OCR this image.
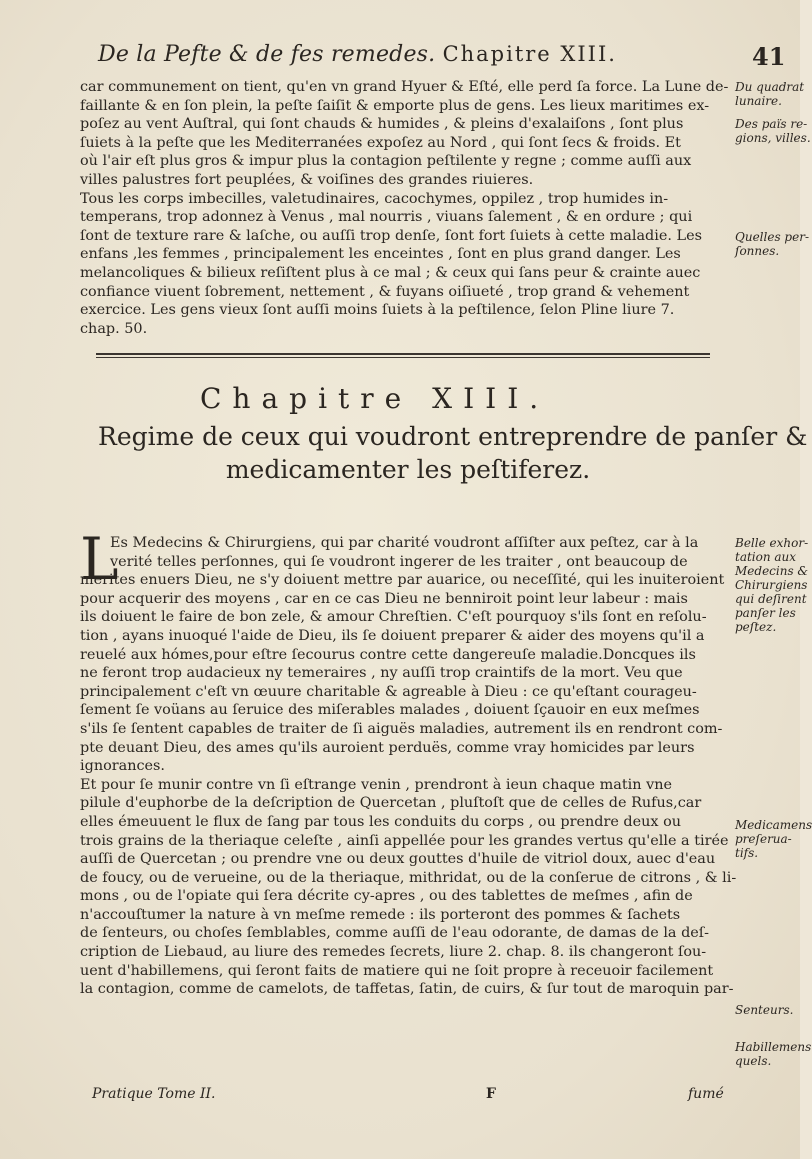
De la Pefte & de fes remedes. Chapitre XIII.	41
car communement on tient, qu'en vn grand Hyuer & Eſté, elle perd ſa force. La Lune de-
faillante & en ſon plein, la peſte ſaiſit & emporte plus de gens. Les lieux maritimes ex-
poſez au vent Auſtral, qui ſont chauds & humides , & pleins d'exalaiſons , ſont plus
ſuiets à la peſte que les Mediterranées expoſez au Nord , qui ſont ſecs & froids. Et
où l'air eſt plus gros & impur plus la contagion peſtilente y regne ; comme auſſi aux
villes palustres fort peuplées, & voiſines des grandes riuieres.
Tous les corps imbecilles, valetudinaires, cacochymes, oppilez , trop humides in-
temperans, trop adonnez à Venus , mal nourris , viuans ſalement , & en ordure ; qui
ſont de texture rare & laſche, ou auſſi trop denſe, ſont fort ſuiets à cette maladie. Les
enfans ,les femmes , principalement les enceintes , ſont en plus grand danger. Les
melancoliques & bilieux reſiſtent plus à ce mal ; & ceux qui ſans peur & crainte auec
confiance viuent ſobrement, nettement , & fuyans oiſiueté , trop grand & vehement
exercice. Les gens vieux ſont auſſi moins ſuiets à la peſtilence, ſelon Pline liure 7.
chap. 50.
Du quadrat
lunaire.
Des païs re-
gions, villes.
Quelles per-
ſonnes.
Chapitre XIII.
Regime de ceux qui voudront entreprendre de panſer &
medicamenter les peſtiferez.
L
Es Medecins & Chirurgiens, qui par charité voudront aſſiſter aux peſtez, car à la
verité telles perſonnes, qui ſe voudront ingerer de les traiter , ont beaucoup de
merites enuers Dieu, ne s'y doiuent mettre par auarice, ou neceſſité, qui les inuiteroient
pour acquerir des moyens , car en ce cas Dieu ne benniroit point leur labeur : mais
ils doiuent le faire de bon zele, & amour Chreſtien. C'eſt pourquoy s'ils ſont en reſolu-
tion , ayans inuoqué l'aide de Dieu, ils ſe doiuent preparer & aider des moyens qu'il a
reuelé aux hómes,pour eſtre ſecourus contre cette dangereuſe maladie.Doncques ils
ne feront trop audacieux ny temeraires , ny auſſi trop craintifs de la mort. Veu que
principalement c'eſt vn œuure charitable & agreable à Dieu : ce qu'eſtant courageu-
ſement ſe voüans au ſeruice des miſerables malades , doiuent ſçauoir en eux meſmes
s'ils ſe ſentent capables de traiter de ſi aiguës maladies, autrement ils en rendront com-
pte deuant Dieu, des ames qu'ils auroient perduës, comme vray homicides par leurs
ignorances.
Et pour ſe munir contre vn ſi eſtrange venin , prendront à ieun chaque matin vne
pilule d'euphorbe de la deſcription de Quercetan , pluſtoſt que de celles de Rufus,car
elles émeuuent le flux de ſang par tous les conduits du corps , ou prendre deux ou
trois grains de la theriaque celeſte , ainſi appellée pour les grandes vertus qu'elle a tirée
auſſi de Quercetan ; ou prendre vne ou deux gouttes d'huile de vitriol doux, auec d'eau
de foucy, ou de verueine, ou de la theriaque, mithridat, ou de la conſerue de citrons , & li-
mons , ou de l'opiate qui ſera décrite cy-apres , ou des tablettes de meſmes , afin de
n'accouſtumer la nature à vn meſme remede : ils porteront des pommes & ſachets
de ſenteurs, ou choſes ſemblables, comme auſſi de l'eau odorante, de damas de la deſ-
cription de Liebaud, au liure des remedes ſecrets, liure 2. chap. 8. ils changeront ſou-
uent d'habillemens, qui ſeront faits de matiere qui ne ſoit propre à receuoir facilement
la contagion, comme de camelots, de taffetas, ſatin, de cuirs, & ſur tout de maroquin par-
Belle exhor-
tation aux
Medecins &
Chirurgiens
qui deſirent
panſer les
peſtez.
Medicamens
preſerua-
tifs.
Senteurs.
Habillemens
quels.
Pratique Tome II.	F	fumé
